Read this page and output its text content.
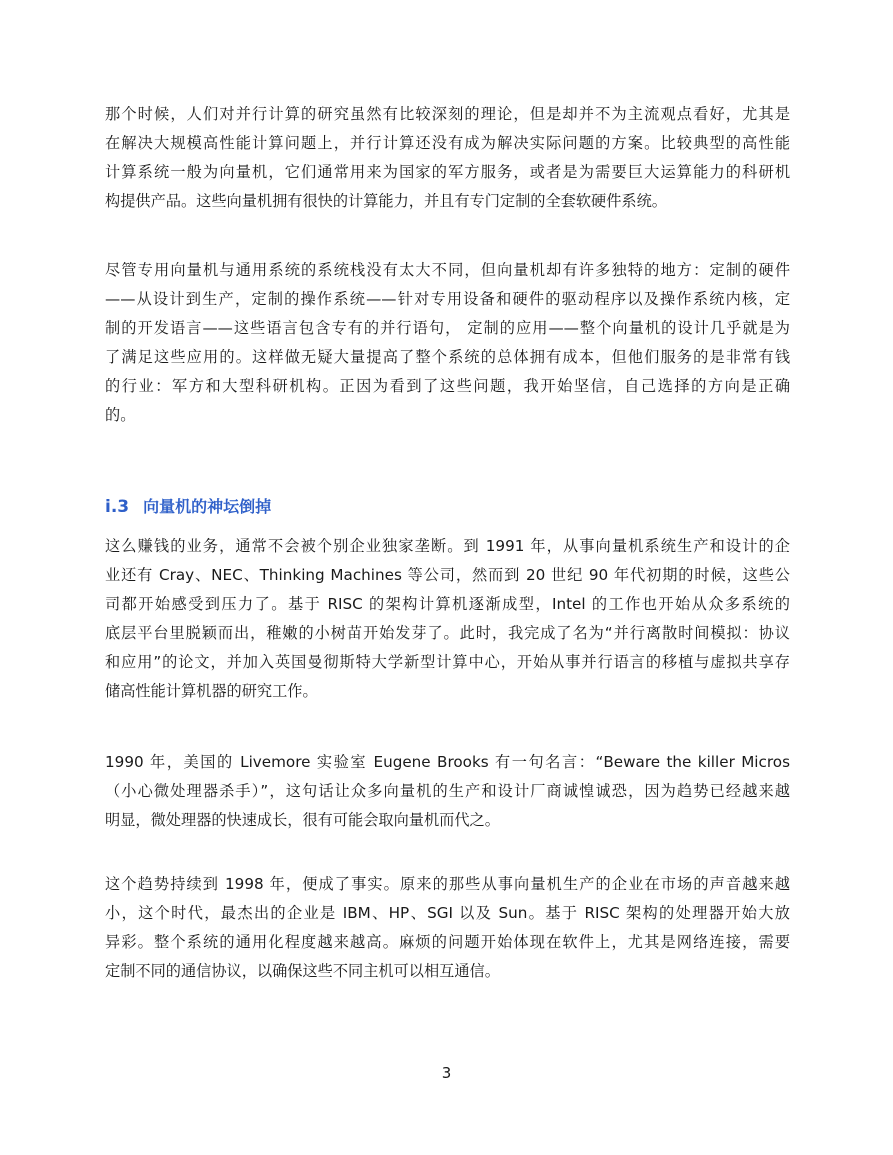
那个时候，人们对并行计算的研究虽然有比较深刻的理论，但是却并不为主流观点看好，尤其是
在解决大规模高性能计算问题上，并行计算还没有成为解决实际问题的方案。比较典型的高性能
计算系统一般为向量机，它们通常用来为国家的军方服务，或者是为需要巨大运算能力的科研机
构提供产品。这些向量机拥有很快的计算能力，并且有专门定制的全套软硬件系统。
尽管专用向量机与通用系统的系统栈没有太大不同，但向量机却有许多独特的地方：定制的硬件
——从设计到生产，定制的操作系统——针对专用设备和硬件的驱动程序以及操作系统内核，定
制的开发语言——这些语言包含专有的并行语句， 定制的应用——整个向量机的设计几乎就是为
了满足这些应用的。这样做无疑大量提高了整个系统的总体拥有成本，但他们服务的是非常有钱
的行业：军方和大型科研机构。正因为看到了这些问题，我开始坚信，自己选择的方向是正确
的。
i.3 向量机的神坛倒掉
这么赚钱的业务，通常不会被个别企业独家垄断。到 1991 年，从事向量机系统生产和设计的企
业还有 Cray、NEC、Thinking Machines 等公司，然而到 20 世纪 90 年代初期的时候，这些公
司都开始感受到压力了。基于 RISC 的架构计算机逐渐成型，Intel 的工作也开始从众多系统的
底层平台里脱颖而出，稚嫩的小树苗开始发芽了。此时，我完成了名为“并行离散时间模拟：协议
和应用”的论文，并加入英国曼彻斯特大学新型计算中心，开始从事并行语言的移植与虚拟共享存
储高性能计算机器的研究工作。
1990 年，美国的 Livemore 实验室 Eugene Brooks 有一句名言：“Beware the killer Micros
（小心微处理器杀手）”，这句话让众多向量机的生产和设计厂商诚惶诚恐，因为趋势已经越来越
明显，微处理器的快速成长，很有可能会取向量机而代之。
这个趋势持续到 1998 年，便成了事实。原来的那些从事向量机生产的企业在市场的声音越来越
小，这个时代，最杰出的企业是 IBM、HP、SGI 以及 Sun。基于 RISC 架构的处理器开始大放
异彩。整个系统的通用化程度越来越高。麻烦的问题开始体现在软件上，尤其是网络连接，需要
定制不同的通信协议，以确保这些不同主机可以相互通信。
3
